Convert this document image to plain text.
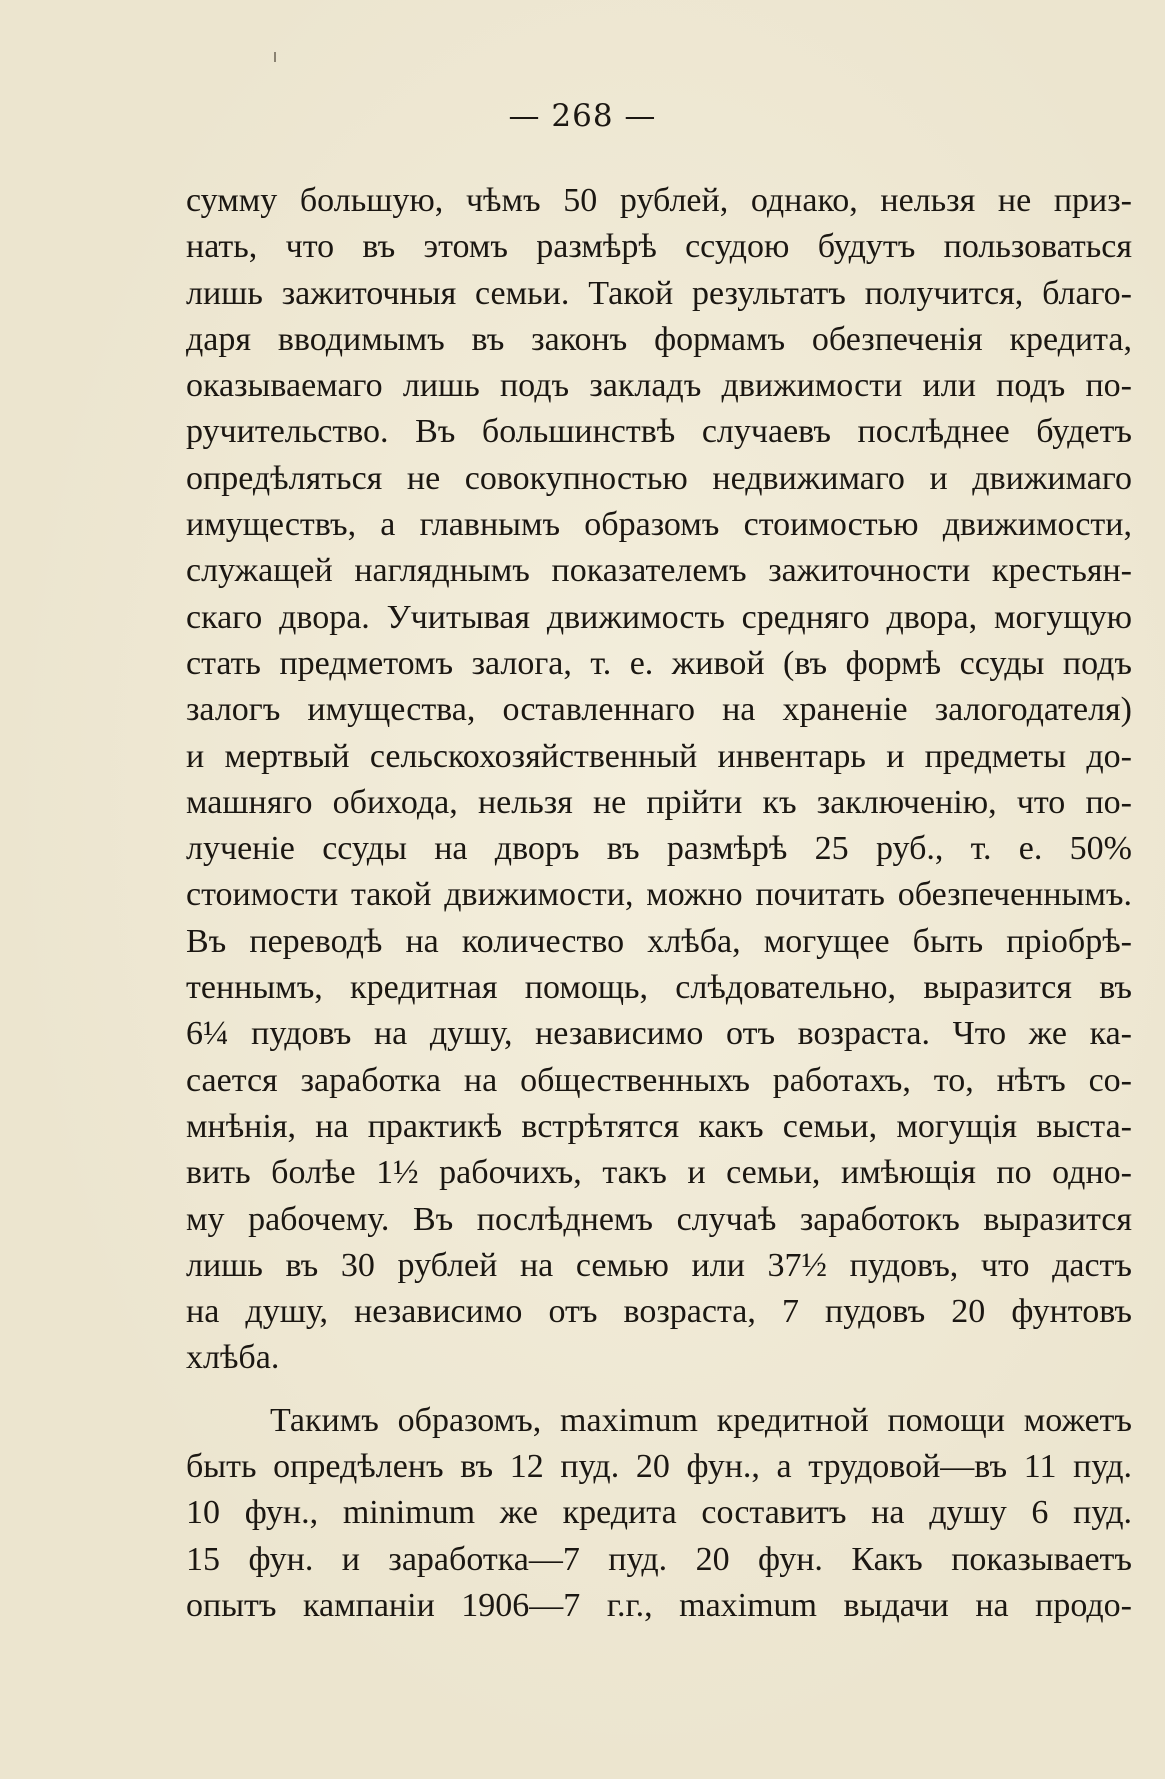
— 268 —
сумму большую, чѣмъ 50 рублей, однако, нельзя не приз-
нать, что въ этомъ размѣрѣ ссудою будутъ пользоваться
лишь зажиточныя семьи. Такой результатъ получится, благо-
даря вводимымъ въ законъ формамъ обезпеченія кредита,
оказываемаго лишь подъ закладъ движимости или подъ по-
ручительство. Въ большинствѣ случаевъ послѣднее будетъ
опредѣляться не совокупностью недвижимаго и движимаго
имуществъ, а главнымъ образомъ стоимостью движимости,
служащей нагляднымъ показателемъ зажиточности крестьян-
скаго двора. Учитывая движимость средняго двора, могущую
стать предметомъ залога, т. е. живой (въ формѣ ссуды подъ
залогъ имущества, оставленнаго на храненіе залогодателя)
и мертвый сельскохозяйственный инвентарь и предметы до-
машняго обихода, нельзя не прійти къ заключенію, что по-
лученіе ссуды на дворъ въ размѣрѣ 25 руб., т. е. 50%
стоимости такой движимости, можно почитать обезпеченнымъ.
Въ переводѣ на количество хлѣба, могущее быть пріобрѣ-
теннымъ, кредитная помощь, слѣдовательно, выразится въ
6¼ пудовъ на душу, независимо отъ возраста. Что же ка-
сается заработка на общественныхъ работахъ, то, нѣтъ со-
мнѣнія, на практикѣ встрѣтятся какъ семьи, могущія выста-
вить болѣе 1½ рабочихъ, такъ и семьи, имѣющія по одно-
му рабочему. Въ послѣднемъ случаѣ заработокъ выразится
лишь въ 30 рублей на семью или 37½ пудовъ, что дастъ
на душу, независимо отъ возраста, 7 пудовъ 20 фунтовъ
хлѣба.
Такимъ образомъ, maximum кредитной помощи можетъ
быть опредѣленъ въ 12 пуд. 20 фун., а трудовой—въ 11 пуд.
10 фун., minimum же кредита составитъ на душу 6 пуд.
15 фун. и заработка—7 пуд. 20 фун. Какъ показываетъ
опытъ кампаніи 1906—7 г.г., maximum выдачи на продо-
